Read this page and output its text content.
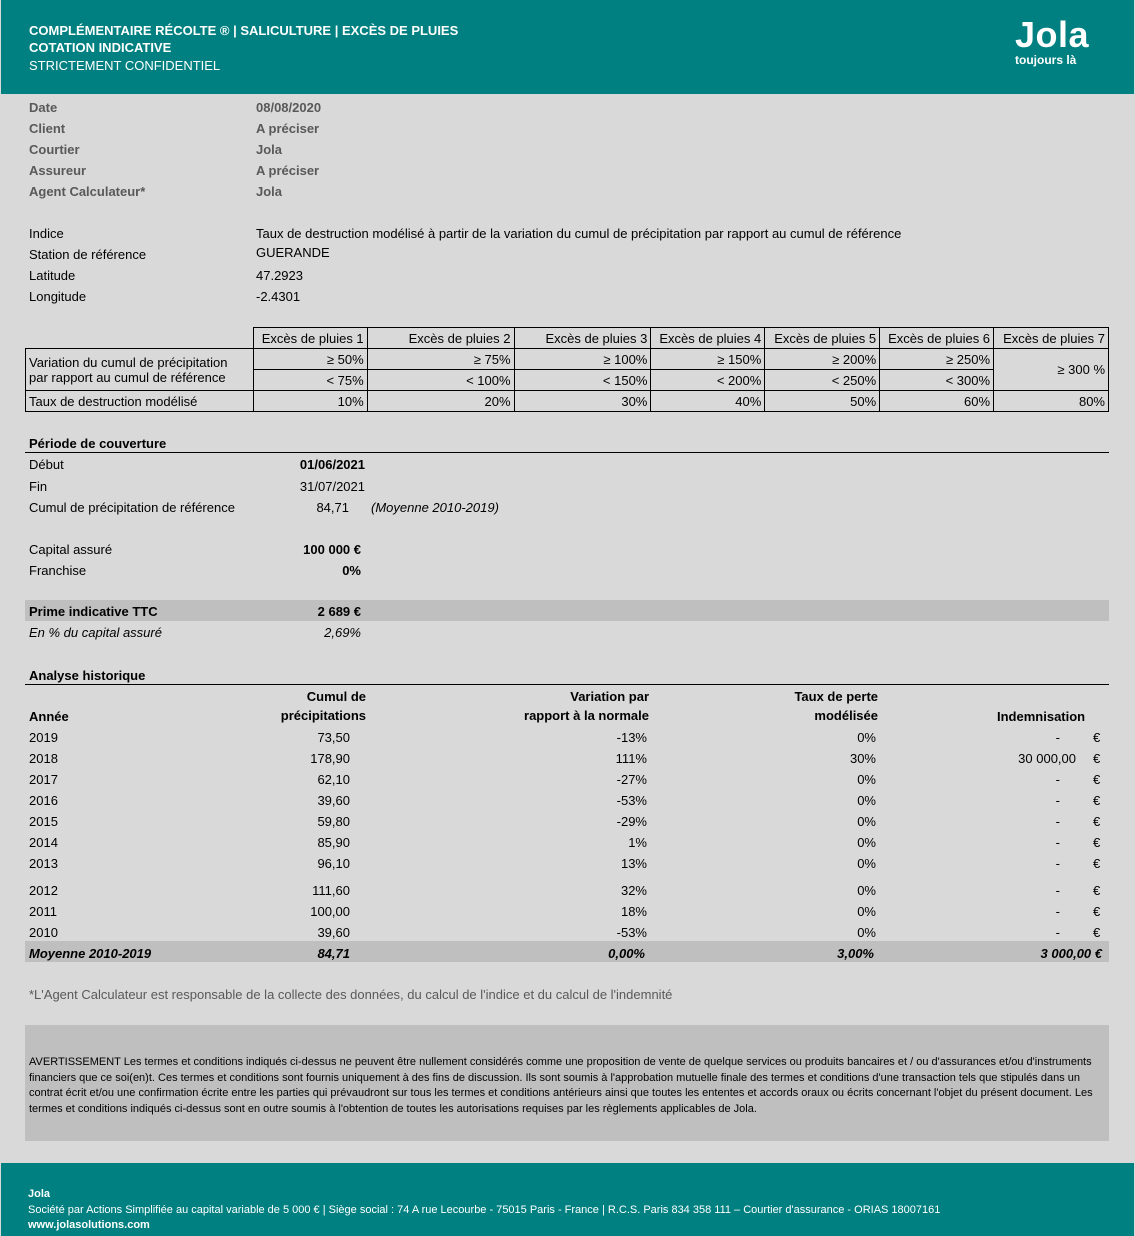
COMPLÉMENTAIRE RÉCOLTE ® | SALICULTURE | EXCÈS DE PLUIES
COTATION INDICATIVE
STRICTEMENT CONFIDENTIEL
Jola
toujours là
Date	08/08/2020
Client	A préciser
Courtier	Jola
Assureur	A préciser
Agent Calculateur*	Jola
Indice	Taux de destruction modélisé à partir de la variation du cumul de précipitation par rapport au cumul de référence
Station de référence	GUERANDE
Latitude	47.2923
Longitude	-2.4301
	Excès de pluies 1	Excès de pluies 2	Excès de pluies 3	Excès de pluies 4	Excès de pluies 5	Excès de pluies 6	Excès de pluies 7

Variation du cumul de précipitation
par rapport au cumul de référence	≥ 50%	≥ 75%	≥ 100%	≥ 150%	≥ 200%	≥ 250%	≥ 300 %
	< 75%	< 100%	< 150%	< 200%	< 250%	< 300%	
Taux de destruction modélisé	10%	20%	30%	40%	50%	60%	80%
Période de couverture
Début	01/06/2021
Fin	31/07/2021
Cumul de précipitation de référence	84,71 (Moyenne 2010-2019)
Capital assuré	100 000 €
Franchise	0%
Prime indicative TTC	2 689 €
En % du capital assuré	2,69%
Analyse historique
Cumul de
précipitations
Variation par
rapport à la normale
Taux de perte
modélisée
Année	Indemnisation
2019	73,50	-13%	0%	-	€
2018	178,90	111%	30%	30 000,00 €
2017	62,10	-27%	0%	-	€
2016	39,60	-53%	0%	-	€
2015	59,80	-29%	0%	-	€
2014	85,90	1%	0%	-	€
2013	96,10	13%	0%	-	€
2012	111,60	32%	0%	-	€
2011	100,00	18%	0%	-	€
2010	39,60	-53%	0%	-	€
Moyenne 2010-2019	84,71	0,00%	3,00%	3 000,00 €
*L'Agent Calculateur est responsable de la collecte des données, du calcul de l'indice et du calcul de l'indemnité
AVERTISSEMENT Les termes et conditions indiqués ci-dessus ne peuvent être nullement considérés comme une proposition de vente de quelque services ou produits bancaires et / ou d'assurances et/ou d'instruments financiers que ce soi(en)t. Ces termes et conditions sont fournis uniquement à des fins de discussion. Ils sont soumis à l'approbation mutuelle finale des termes et conditions d'une transaction tels que stipulés dans un contrat écrit et/ou une confirmation écrite entre les parties qui prévaudront sur tous les termes et conditions antérieurs ainsi que toutes les ententes et accords oraux ou écrits concernant l'objet du présent document. Les termes et conditions indiqués ci-dessus sont en outre soumis à l'obtention de toutes les autorisations requises par les règlements applicables de Jola.
Jola
Société par Actions Simplifiée au capital variable de 5 000 € | Siège social : 74 A rue Lecourbe - 75015 Paris - France | R.C.S. Paris 834 358 111 – Courtier d'assurance - ORIAS 18007161
www.jolasolutions.com
